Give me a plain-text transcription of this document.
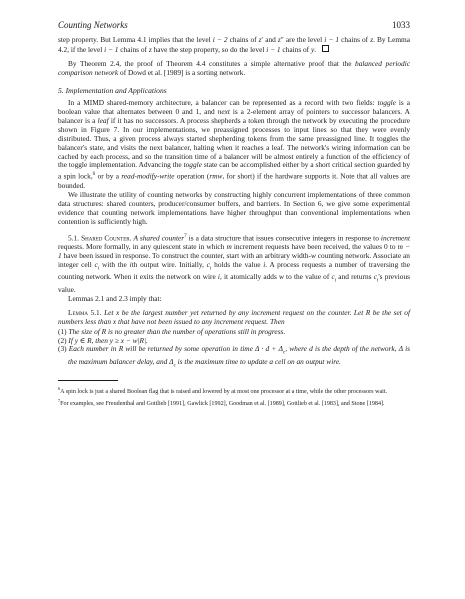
Counting Networks	1033

step property. But Lemma 4.1 implies that the level i − 2 chains of z′ and z″ are the level i − 1 chains of z. By Lemma 4.2, if the level i − 1 chains of z have the step property, so do the level i − 1 chains of y.

By Theorem 2.4, the proof of Theorem 4.4 constitutes a simple alternative proof that the balanced periodic comparison network of Dowd et al. [1989] is a sorting network.

5. Implementation and Applications

In a MIMD shared-memory architecture, a balancer can be represented as a record with two fields: toggle is a boolean value that alternates between 0 and 1, and next is a 2-element array of pointers to successor balancers. A balancer is a leaf if it has no successors. A process shepherds a token through the network by executing the procedure shown in Figure 7. In our implementations, we preassigned processes to input lines so that they were evenly distributed. Thus, a given process always started shepherding tokens from the same preassigned line. It toggles the balancer's state, and visits the next balancer, halting when it reaches a leaf. The network's wiring information can be cached by each process, and so the transition time of a balancer will be almost entirely a function of the efficiency of the toggle implementation. Advancing the toggle state can be accomplished either by a short critical section guarded by a spin lock,$^6$ or by a read-modify-write operation (rmw, for short) if the hardware supports it. Note that all values are bounded.

We illustrate the utility of counting networks by constructing highly concurrent implementations of three common data structures: shared counters, producer/consumer buffers, and barriers. In Section 6, we give some experimental evidence that counting network implementations have higher throughput than conventional implementations when contention is sufficiently high.

5.1. Shared Counter. A shared counter$^7$ is a data structure that issues consecutive integers in response to increment requests. More formally, in any quiescent state in which m increment requests have been received, the values 0 to m − 1 have been issued in response. To construct the counter, start with an arbitrary width-w counting network. Associate an integer cell $c_i$ with the ith output wire. Initially, $c_i$ holds the value i. A process requests a number of traversing the counting network. When it exits the network on wire i, it atomically adds w to the value of $c_i$ and returns $c_i's$ previous value.

Lemmas 2.1 and 2.3 imply that:

Lemma 5.1. Let x be the largest number yet returned by any increment request on the counter. Let R be the set of numbers less than x that have not been issued to any increment request. Then

(1) The size of R is no greater than the number of operations still in progress.

(2) If y ∈ R, then y ≥ x − w|R|.

(3) Each number in R will be returned by some operation in time $\Delta \cdot d + \Delta_c$, where d is the depth of the network, Δ is the maximum balancer delay, and $\Delta_c$ is the maximum time to update a cell on an output wire.

$^6$A spin lock is just a shared Boolean flag that is raised and lowered by at most one processor at a time, while the other processors wait.

$^7$For examples, see Freudenthal and Gottlieb [1991], Gawlick [1992], Goodman et al. [1989], Gottlieb et al. [1983], and Stone [1984].
